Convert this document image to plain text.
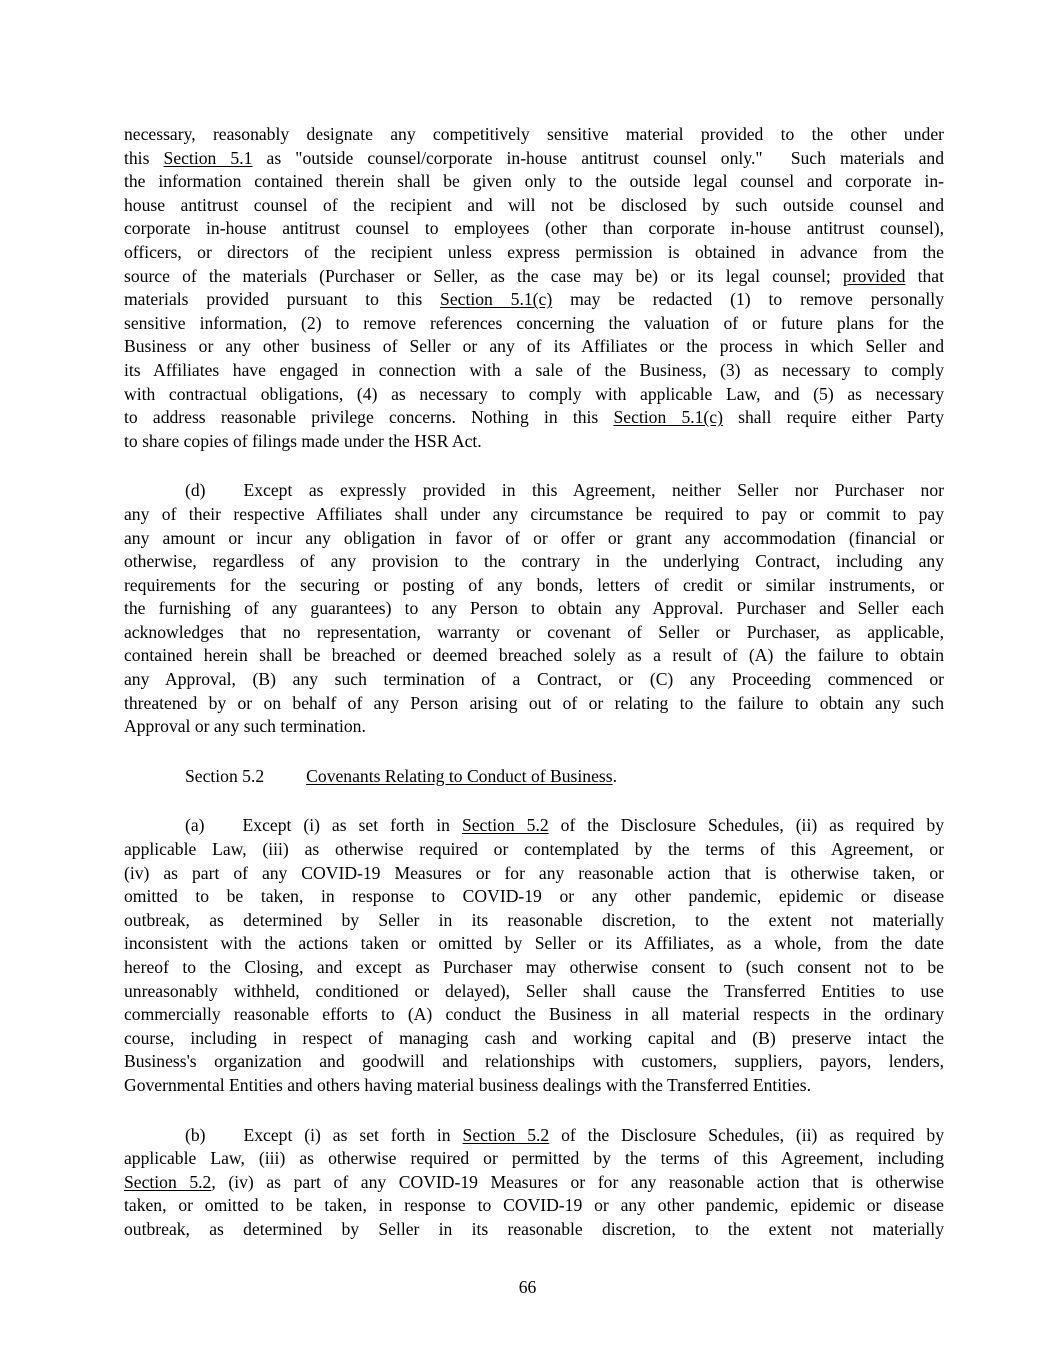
necessary, reasonably designate any competitively sensitive material provided to the other under
this Section 5.1 as "outside counsel/corporate in-house antitrust counsel only."  Such materials and
the information contained therein shall be given only to the outside legal counsel and corporate in-
house antitrust counsel of the recipient and will not be disclosed by such outside counsel and
corporate in-house antitrust counsel to employees (other than corporate in-house antitrust counsel),
officers, or directors of the recipient unless express permission is obtained in advance from the
source of the materials (Purchaser or Seller, as the case may be) or its legal counsel; provided that
materials provided pursuant to this Section 5.1(c) may be redacted (1) to remove personally
sensitive information, (2) to remove references concerning the valuation of or future plans for the
Business or any other business of Seller or any of its Affiliates or the process in which Seller and
its Affiliates have engaged in connection with a sale of the Business, (3) as necessary to comply
with contractual obligations, (4) as necessary to comply with applicable Law, and (5) as necessary
to address reasonable privilege concerns. Nothing in this Section 5.1(c) shall require either Party
to share copies of filings made under the HSR Act.
(d) Except as expressly provided in this Agreement, neither Seller nor Purchaser nor
any of their respective Affiliates shall under any circumstance be required to pay or commit to pay
any amount or incur any obligation in favor of or offer or grant any accommodation (financial or
otherwise, regardless of any provision to the contrary in the underlying Contract, including any
requirements for the securing or posting of any bonds, letters of credit or similar instruments, or
the furnishing of any guarantees) to any Person to obtain any Approval. Purchaser and Seller each
acknowledges that no representation, warranty or covenant of Seller or Purchaser, as applicable,
contained herein shall be breached or deemed breached solely as a result of (A) the failure to obtain
any Approval, (B) any such termination of a Contract, or (C) any Proceeding commenced or
threatened by or on behalf of any Person arising out of or relating to the failure to obtain any such
Approval or any such termination.
Section 5.2 Covenants Relating to Conduct of Business.
(a) Except (i) as set forth in Section 5.2 of the Disclosure Schedules, (ii) as required by
applicable Law, (iii) as otherwise required or contemplated by the terms of this Agreement, or
(iv) as part of any COVID-19 Measures or for any reasonable action that is otherwise taken, or
omitted to be taken, in response to COVID-19 or any other pandemic, epidemic or disease
outbreak, as determined by Seller in its reasonable discretion, to the extent not materially
inconsistent with the actions taken or omitted by Seller or its Affiliates, as a whole, from the date
hereof to the Closing, and except as Purchaser may otherwise consent to (such consent not to be
unreasonably withheld, conditioned or delayed), Seller shall cause the Transferred Entities to use
commercially reasonable efforts to (A) conduct the Business in all material respects in the ordinary
course, including in respect of managing cash and working capital and (B) preserve intact the
Business's organization and goodwill and relationships with customers, suppliers, payors, lenders,
Governmental Entities and others having material business dealings with the Transferred Entities.
(b) Except (i) as set forth in Section 5.2 of the Disclosure Schedules, (ii) as required by
applicable Law, (iii) as otherwise required or permitted by the terms of this Agreement, including
Section 5.2, (iv) as part of any COVID-19 Measures or for any reasonable action that is otherwise
taken, or omitted to be taken, in response to COVID-19 or any other pandemic, epidemic or disease
outbreak, as determined by Seller in its reasonable discretion, to the extent not materially
66
